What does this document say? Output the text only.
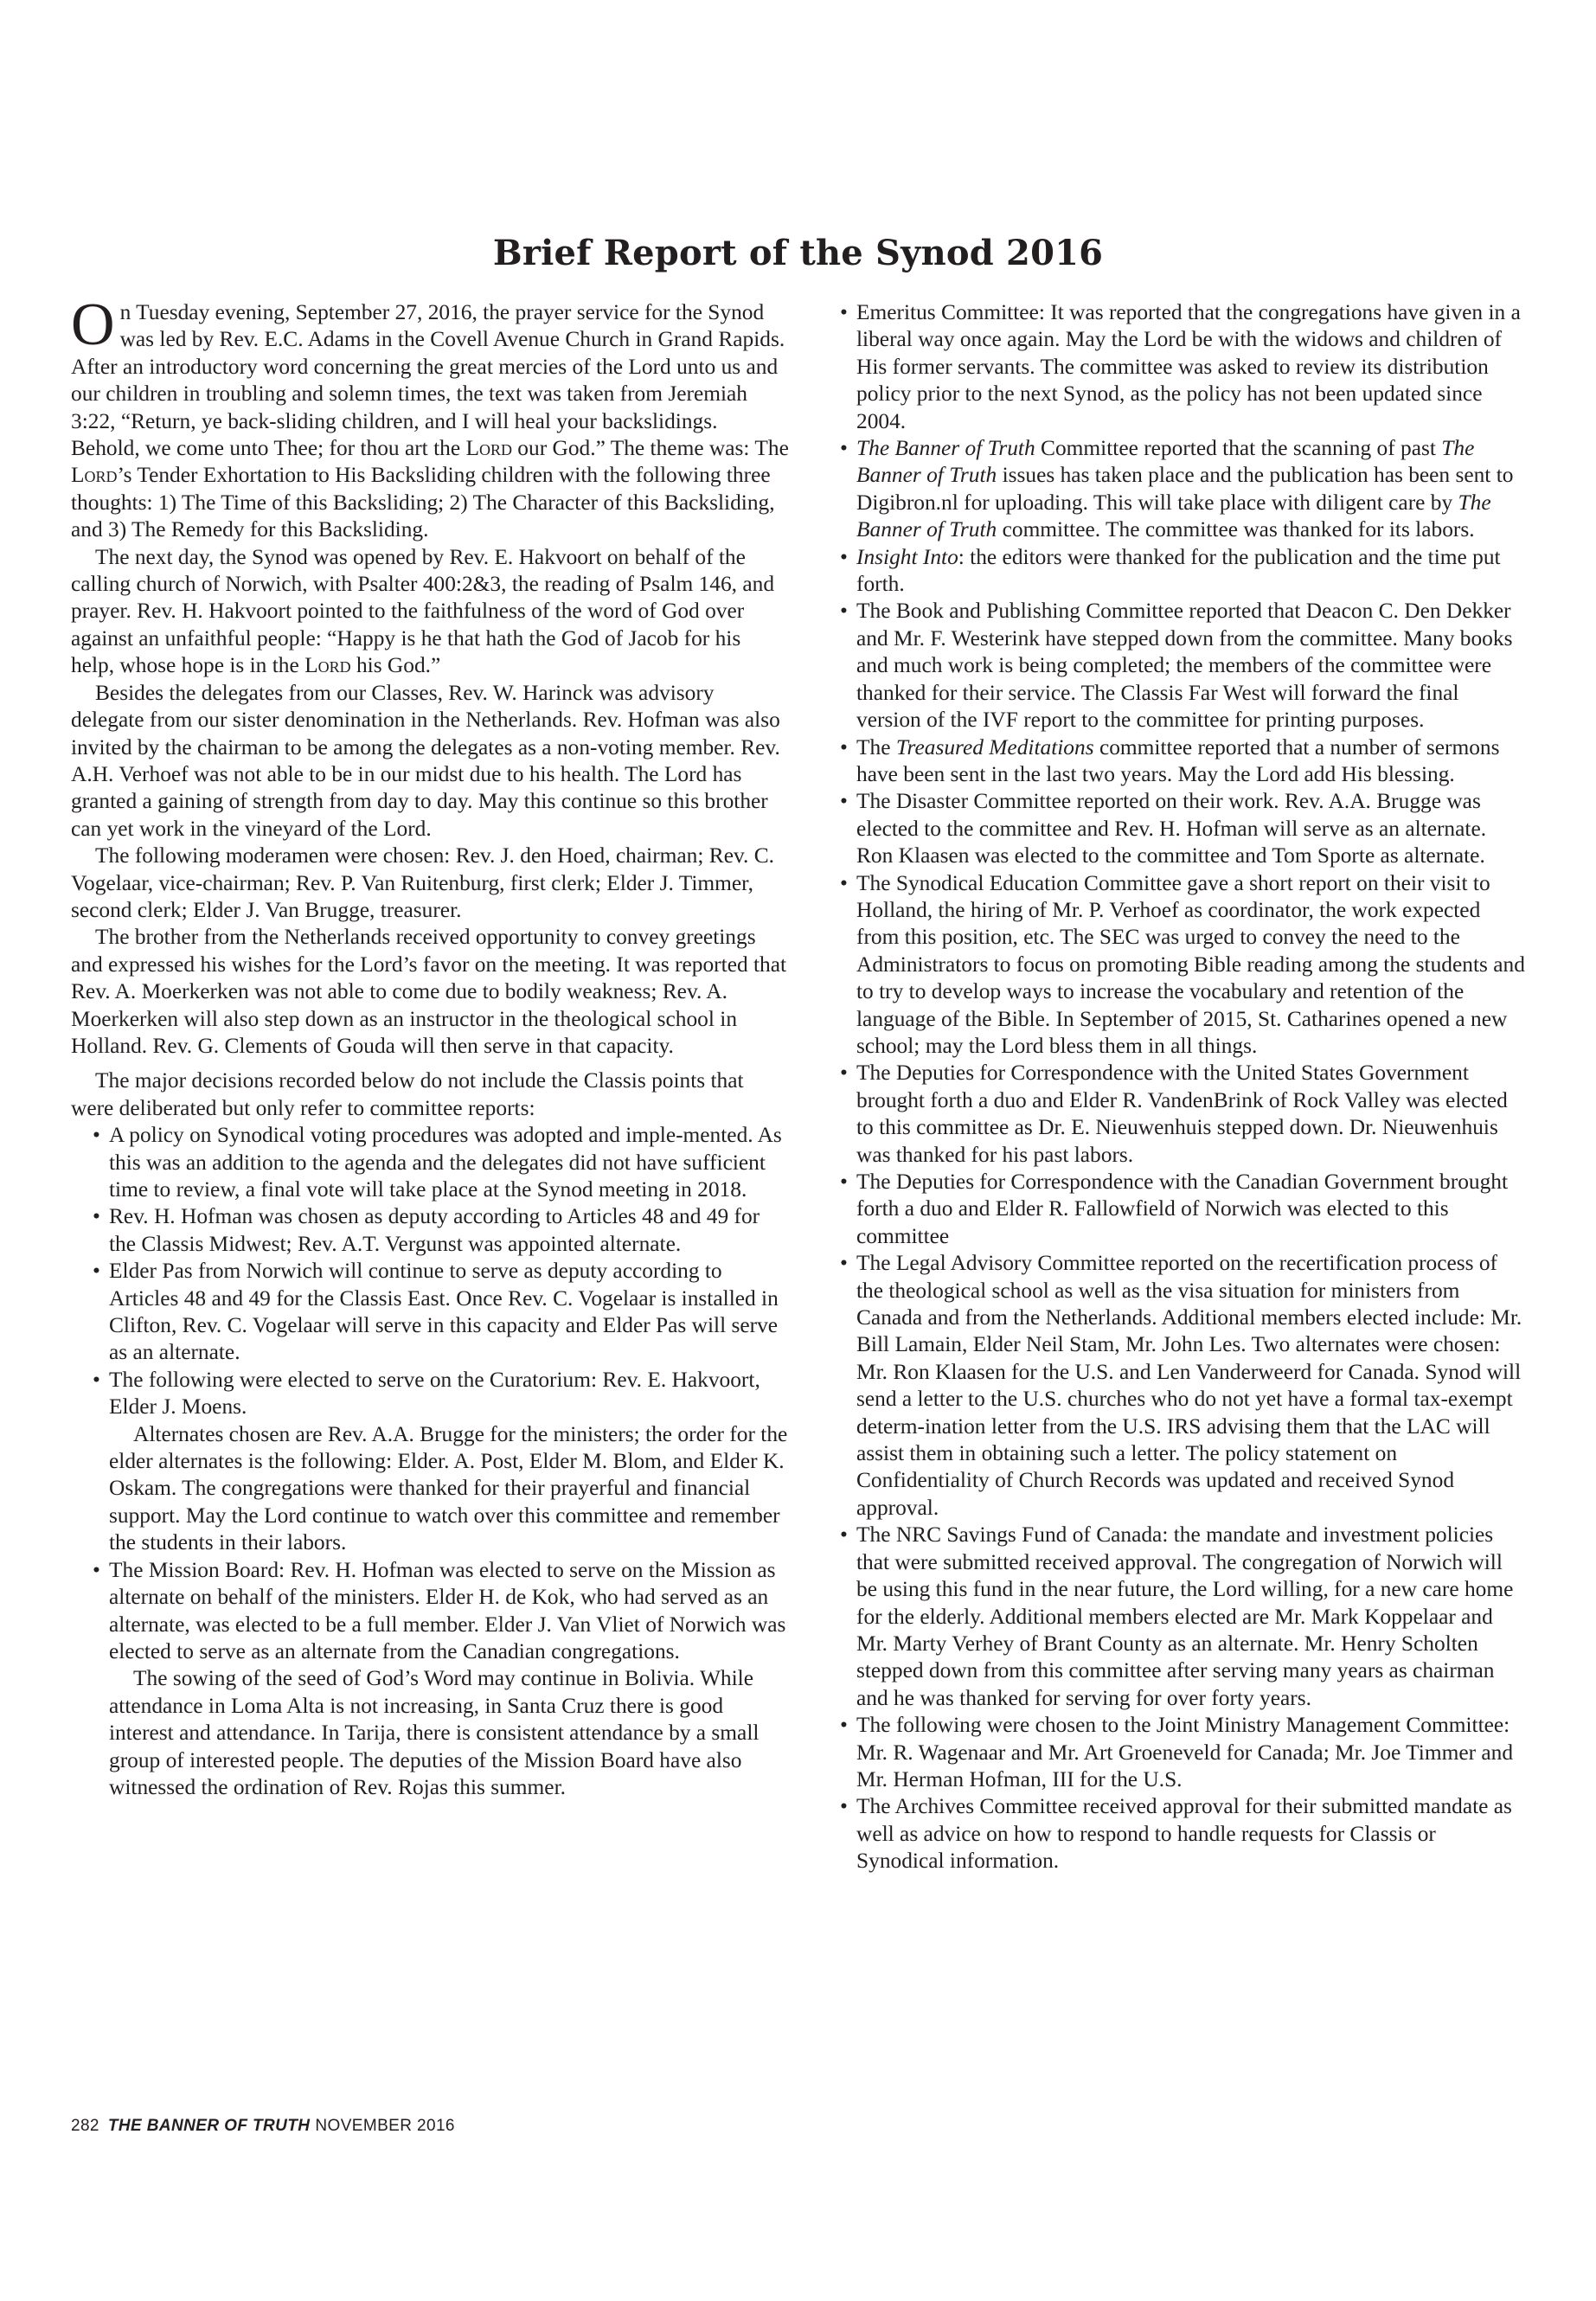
Brief Report of the Synod 2016

On Tuesday evening, September 27, 2016, the prayer service for the Synod was led by Rev. E.C. Adams in the Covell Avenue Church in Grand Rapids. After an introductory word concerning the great mercies of the Lord unto us and our children in troubling and solemn times, the text was taken from Jeremiah 3:22, “Return, ye back-sliding children, and I will heal your backslidings. Behold, we come unto Thee; for thou art the Lord our God.” The theme was: The Lord’s Tender Exhortation to His Backsliding children with the following three thoughts: 1) The Time of this Backsliding; 2) The Character of this Backsliding, and 3) The Remedy for this Backsliding.

The next day, the Synod was opened by Rev. E. Hakvoort on behalf of the calling church of Norwich, with Psalter 400:2&3, the reading of Psalm 146, and prayer. Rev. H. Hakvoort pointed to the faithfulness of the word of God over against an unfaithful people: “Happy is he that hath the God of Jacob for his help, whose hope is in the Lord his God.”

Besides the delegates from our Classes, Rev. W. Harinck was advisory delegate from our sister denomination in the Netherlands. Rev. Hofman was also invited by the chairman to be among the delegates as a non-voting member. Rev. A.H. Verhoef was not able to be in our midst due to his health. The Lord has granted a gaining of strength from day to day. May this continue so this brother can yet work in the vineyard of the Lord.

The following moderamen were chosen: Rev. J. den Hoed, chairman; Rev. C. Vogelaar, vice-chairman; Rev. P. Van Ruitenburg, first clerk; Elder J. Timmer, second clerk; Elder J. Van Brugge, treasurer.

The brother from the Netherlands received opportunity to convey greetings and expressed his wishes for the Lord’s favor on the meeting. It was reported that Rev. A. Moerkerken was not able to come due to bodily weakness; Rev. A. Moerkerken will also step down as an instructor in the theological school in Holland. Rev. G. Clements of Gouda will then serve in that capacity.

The major decisions recorded below do not include the Classis points that were deliberated but only refer to committee reports:

• A policy on Synodical voting procedures was adopted and imple-mented. As this was an addition to the agenda and the delegates did not have sufficient time to review, a final vote will take place at the Synod meeting in 2018.
• Rev. H. Hofman was chosen as deputy according to Articles 48 and 49 for the Classis Midwest; Rev. A.T. Vergunst was appointed alternate.
• Elder Pas from Norwich will continue to serve as deputy according to Articles 48 and 49 for the Classis East. Once Rev. C. Vogelaar is installed in Clifton, Rev. C. Vogelaar will serve in this capacity and Elder Pas will serve as an alternate.
• The following were elected to serve on the Curatorium: Rev. E. Hakvoort, Elder J. Moens.

Alternates chosen are Rev. A.A. Brugge for the ministers; the order for the elder alternates is the following: Elder. A. Post, Elder M. Blom, and Elder K. Oskam. The congregations were thanked for their prayerful and financial support. May the Lord continue to watch over this committee and remember the students in their labors.

• The Mission Board: Rev. H. Hofman was elected to serve on the Mission as alternate on behalf of the ministers. Elder H. de Kok, who had served as an alternate, was elected to be a full member. Elder J. Van Vliet of Norwich was elected to serve as an alternate from the Canadian congregations.

The sowing of the seed of God’s Word may continue in Bolivia. While attendance in Loma Alta is not increasing, in Santa Cruz there is good interest and attendance. In Tarija, there is consistent attendance by a small group of interested people. The deputies of the Mission Board have also witnessed the ordination of Rev. Rojas this summer.

• Emeritus Committee: It was reported that the congregations have given in a liberal way once again. May the Lord be with the widows and children of His former servants. The committee was asked to review its distribution policy prior to the next Synod, as the policy has not been updated since 2004.
• The Banner of Truth Committee reported that the scanning of past The Banner of Truth issues has taken place and the publication has been sent to Digibron.nl for uploading. This will take place with diligent care by The Banner of Truth committee. The committee was thanked for its labors.
• Insight Into: the editors were thanked for the publication and the time put forth.
• The Book and Publishing Committee reported that Deacon C. Den Dekker and Mr. F. Westerink have stepped down from the committee. Many books and much work is being completed; the members of the committee were thanked for their service. The Classis Far West will forward the final version of the IVF report to the committee for printing purposes.
• The Treasured Meditations committee reported that a number of sermons have been sent in the last two years. May the Lord add His blessing.
• The Disaster Committee reported on their work. Rev. A.A. Brugge was elected to the committee and Rev. H. Hofman will serve as an alternate. Ron Klaasen was elected to the committee and Tom Sporte as alternate.
• The Synodical Education Committee gave a short report on their visit to Holland, the hiring of Mr. P. Verhoef as coordinator, the work expected from this position, etc. The SEC was urged to convey the need to the Administrators to focus on promoting Bible reading among the students and to try to develop ways to increase the vocabulary and retention of the language of the Bible. In September of 2015, St. Catharines opened a new school; may the Lord bless them in all things.
• The Deputies for Correspondence with the United States Government brought forth a duo and Elder R. VandenBrink of Rock Valley was elected to this committee as Dr. E. Nieuwenhuis stepped down. Dr. Nieuwenhuis was thanked for his past labors.
• The Deputies for Correspondence with the Canadian Government brought forth a duo and Elder R. Fallowfield of Norwich was elected to this committee
• The Legal Advisory Committee reported on the recertification process of the theological school as well as the visa situation for ministers from Canada and from the Netherlands. Additional members elected include: Mr. Bill Lamain, Elder Neil Stam, Mr. John Les. Two alternates were chosen: Mr. Ron Klaasen for the U.S. and Len Vanderweerd for Canada. Synod will send a letter to the U.S. churches who do not yet have a formal tax-exempt determ-ination letter from the U.S. IRS advising them that the LAC will assist them in obtaining such a letter. The policy statement on Confidentiality of Church Records was updated and received Synod approval.
• The NRC Savings Fund of Canada: the mandate and investment policies that were submitted received approval. The congregation of Norwich will be using this fund in the near future, the Lord willing, for a new care home for the elderly. Additional members elected are Mr. Mark Koppelaar and Mr. Marty Verhey of Brant County as an alternate. Mr. Henry Scholten stepped down from this committee after serving many years as chairman and he was thanked for serving for over forty years.
• The following were chosen to the Joint Ministry Management Committee: Mr. R. Wagenaar and Mr. Art Groeneveld for Canada; Mr. Joe Timmer and Mr. Herman Hofman, III for the U.S.
• The Archives Committee received approval for their submitted mandate as well as advice on how to respond to handle requests for Classis or Synodical information.
282 THE BANNER OF TRUTH NOVEMBER 2016
